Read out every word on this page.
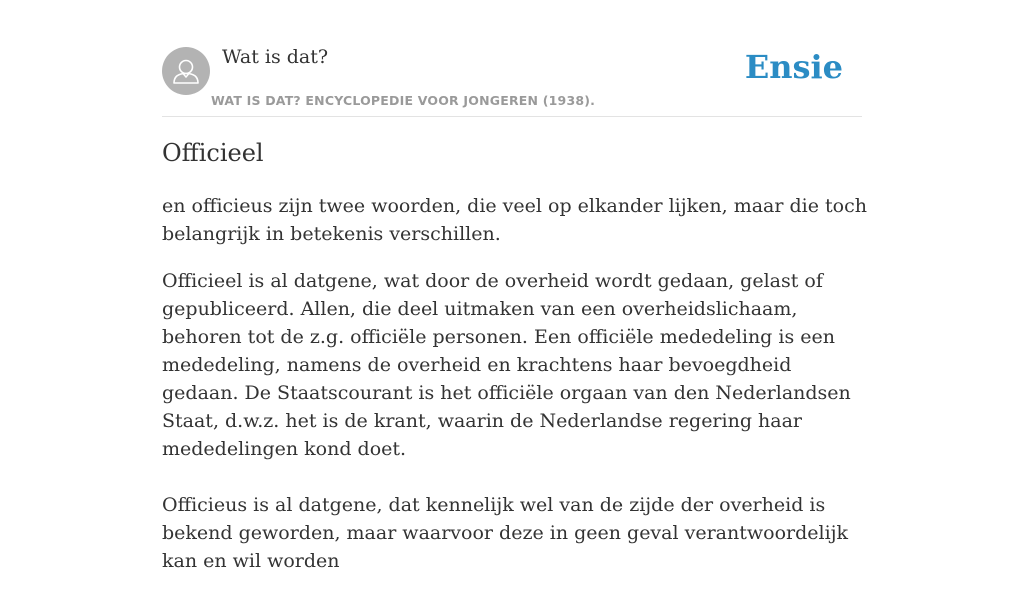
Wat is dat?
WAT IS DAT? ENCYCLOPEDIE VOOR JONGEREN (1938).
Ensie
Officieel

en officieus zijn twee woorden, die veel op elkander lijken, maar die toch belangrijk in betekenis verschillen.

Officieel is al datgene, wat door de overheid wordt gedaan, gelast of gepubliceerd. Allen, die deel uitmaken van een overheidslichaam, behoren tot de z.g. officiële personen. Een officiële mededeling is een mededeling, namens de overheid en krachtens haar bevoegdheid gedaan. De Staatscourant is het officiële orgaan van den Nederlandsen Staat, d.w.z. het is de krant, waarin de Nederlandse regering haar mededelingen kond doet.

Officieus is al datgene, dat kennelijk wel van de zijde der overheid is bekend geworden, maar waarvoor deze in geen geval verantwoordelijk kan en wil worden
